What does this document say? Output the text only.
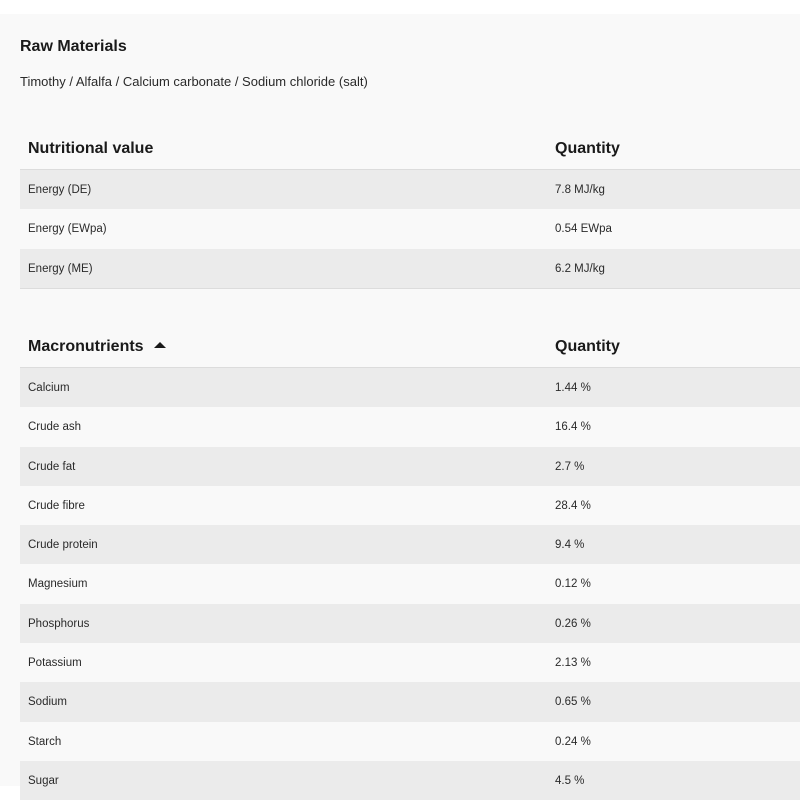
Raw Materials
Timothy / Alfalfa / Calcium carbonate / Sodium chloride (salt)
Nutritional value	Quantity
Energy (DE)	7.8 MJ/kg
Energy (EWpa)	0.54 EWpa
Energy (ME)	6.2 MJ/kg
Macronutrients	Quantity
Calcium	1.44 %
Crude ash	16.4 %
Crude fat	2.7 %
Crude fibre	28.4 %
Crude protein	9.4 %
Magnesium	0.12 %
Phosphorus	0.26 %
Potassium	2.13 %
Sodium	0.65 %
Starch	0.24 %
Sugar	4.5 %
